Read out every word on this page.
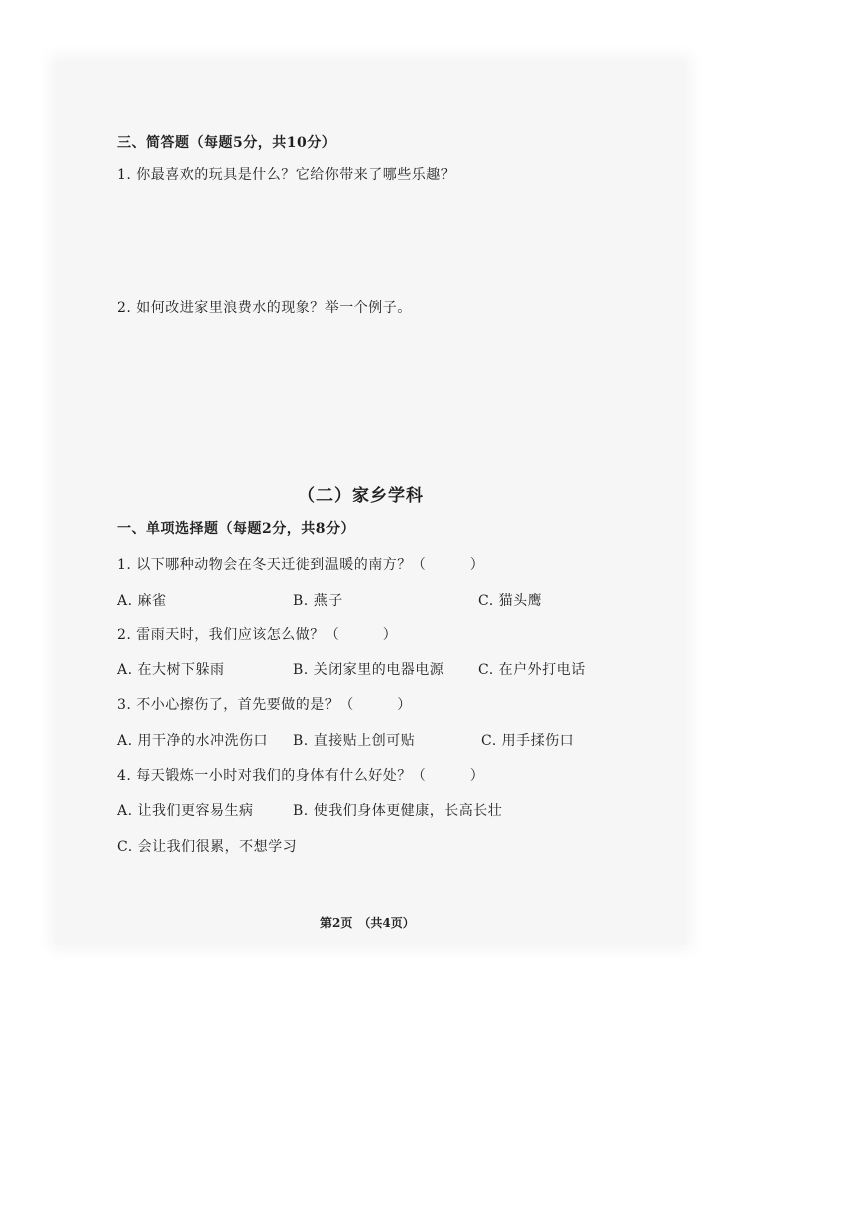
三、简答题（每题5分，共10分）
1. 你最喜欢的玩具是什么？它给你带来了哪些乐趣？
2. 如何改进家里浪费水的现象？举一个例子。
（二）家乡学科
一、单项选择题（每题2分，共8分）
1. 以下哪种动物会在冬天迁徙到温暖的南方？（　　　）
A. 麻雀	B. 燕子	C. 猫头鹰
2. 雷雨天时，我们应该怎么做？（　　　）
A. 在大树下躲雨	B. 关闭家里的电器电源 C. 在户外打电话
3. 不小心擦伤了，首先要做的是？（　　　）
A. 用干净的水冲洗伤口 B. 直接贴上创可贴	C. 用手揉伤口
4. 每天锻炼一小时对我们的身体有什么好处？（　　　）
A. 让我们更容易生病	B. 使我们身体更健康，长高长壮
C. 会让我们很累，不想学习
第2页　（共4页）
